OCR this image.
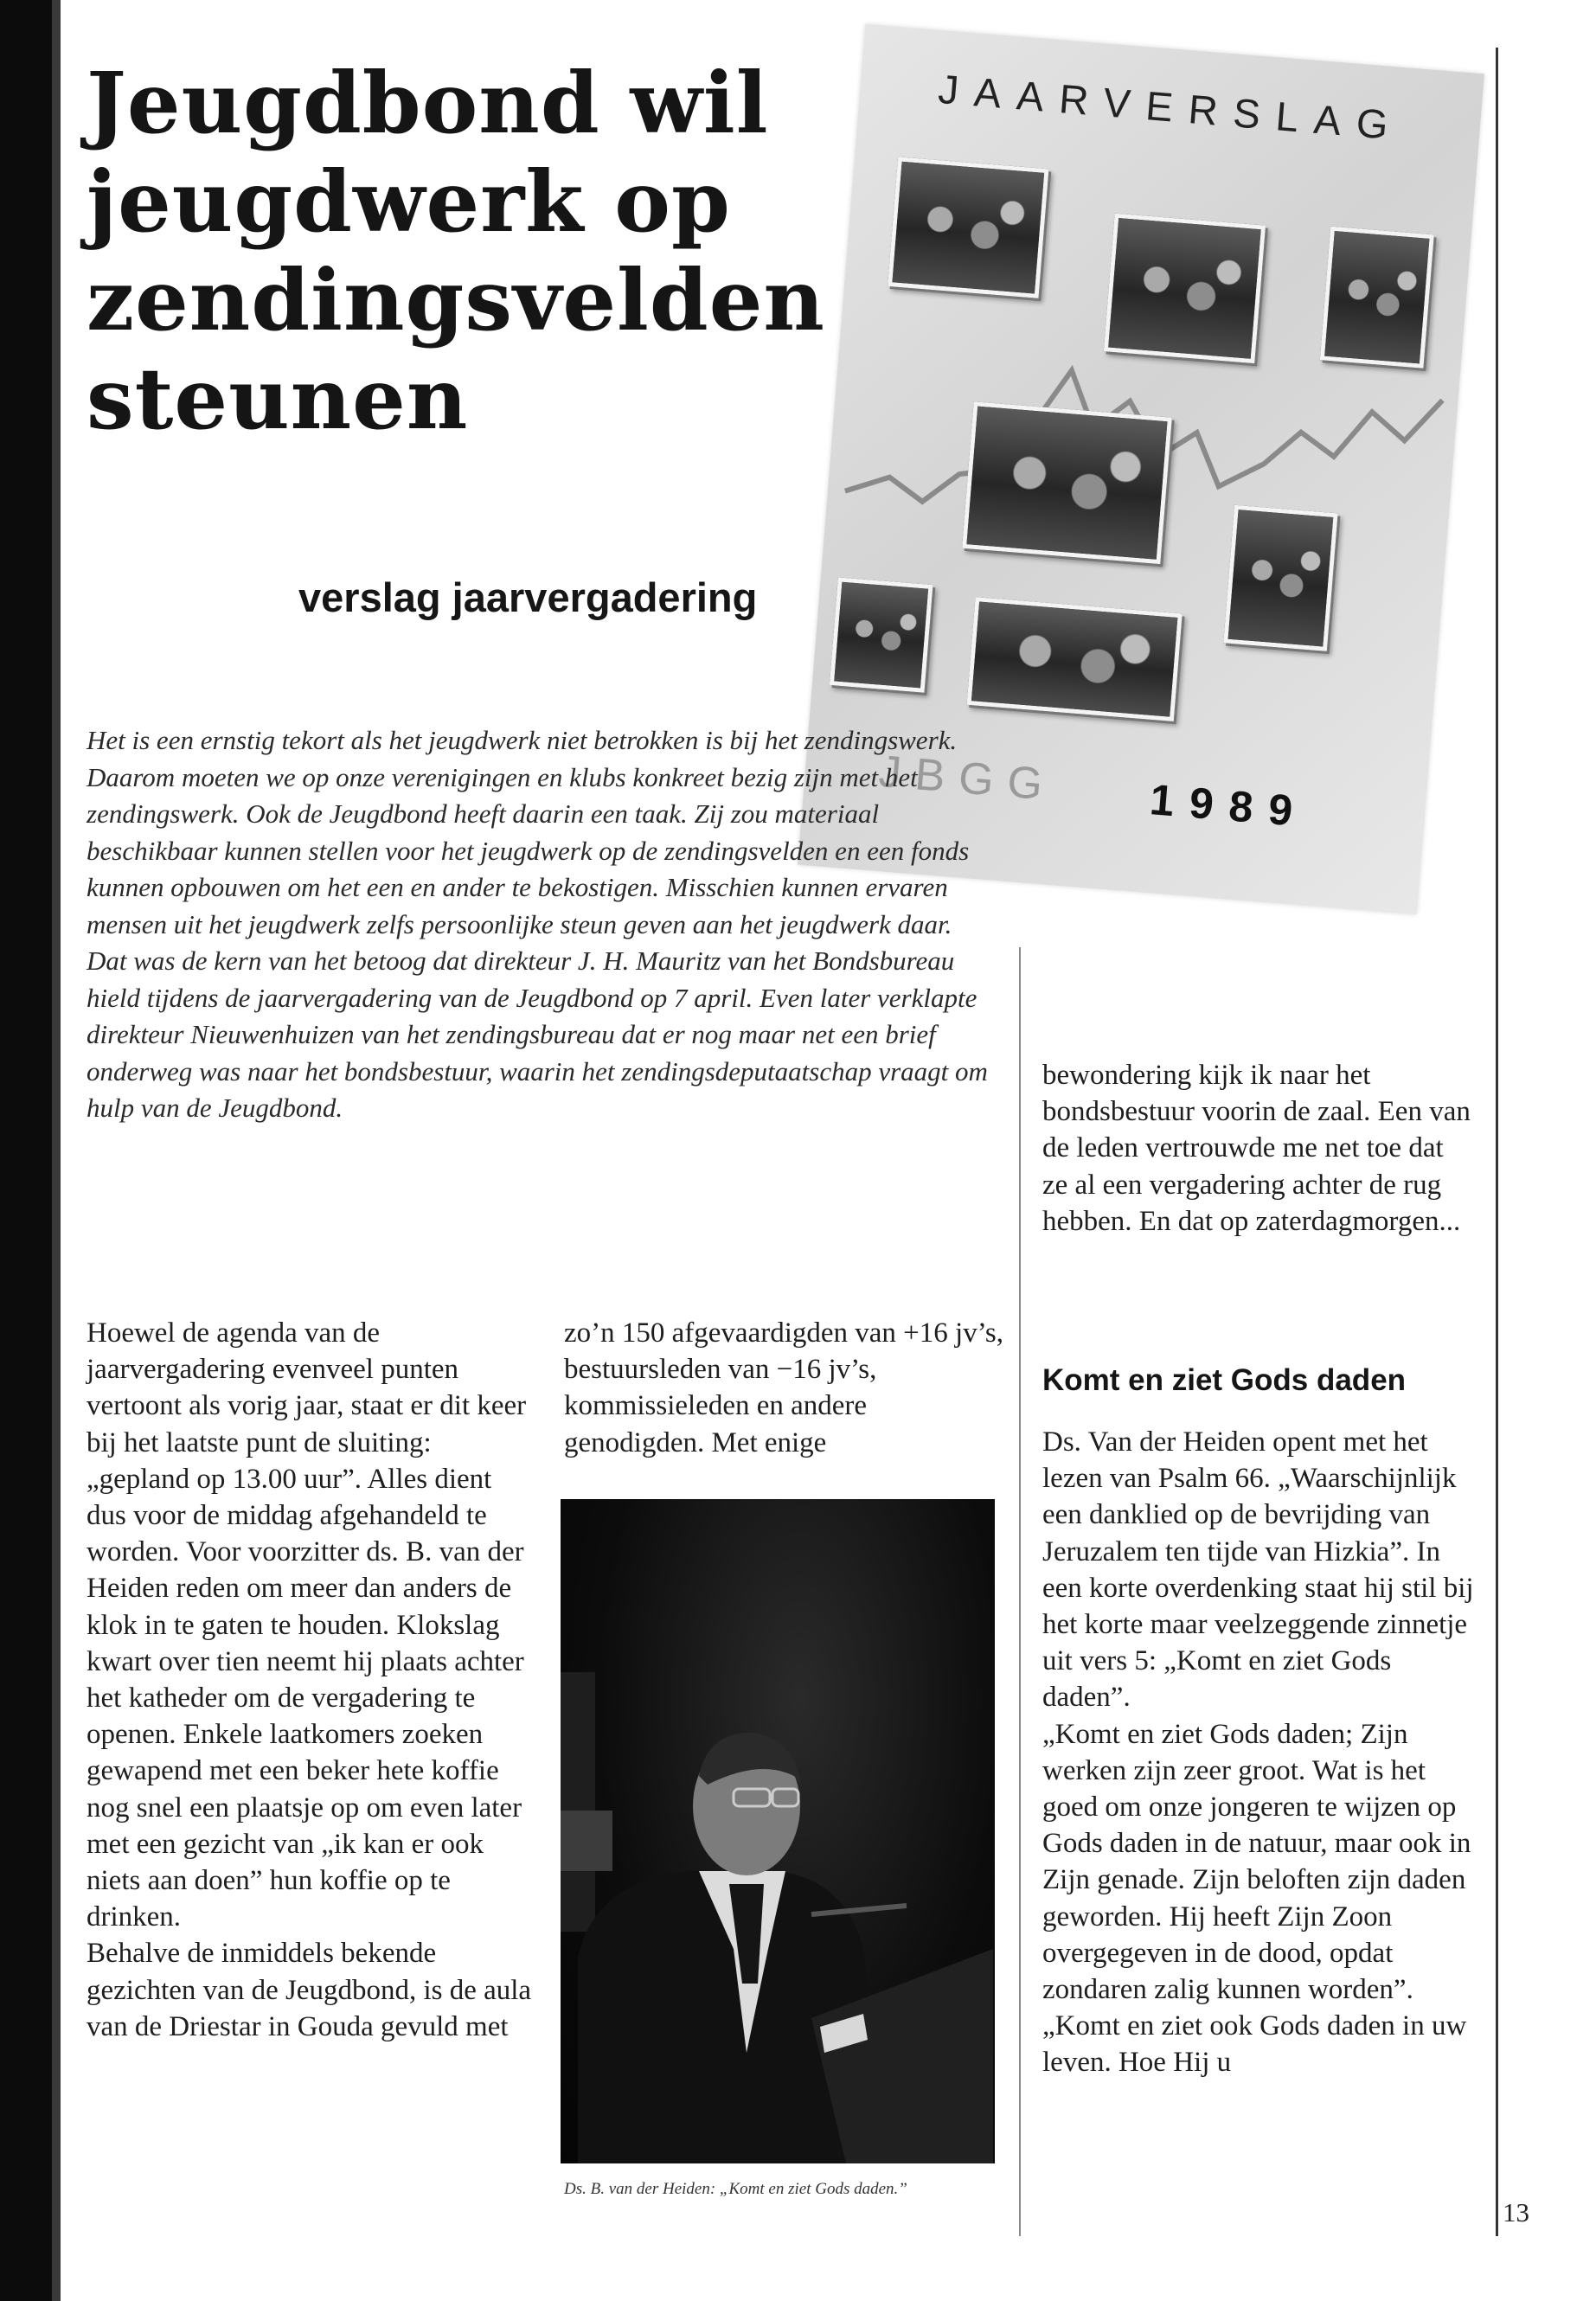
Jeugdbond wil jeugdwerk op zendingsvelden steunen
verslag jaarvergadering
JAARVERSLAG
JBGG 1989

Het is een ernstig tekort als het jeugdwerk niet betrokken is bij het zendingswerk. Daarom moeten we op onze verenigingen en klubs konkreet bezig zijn met het zendingswerk. Ook de Jeugdbond heeft daarin een taak. Zij zou materiaal beschikbaar kunnen stellen voor het jeugdwerk op de zendingsvelden en een fonds kunnen opbouwen om het een en ander te bekostigen. Misschien kunnen ervaren mensen uit het jeugdwerk zelfs persoonlijke steun geven aan het jeugdwerk daar.

Dat was de kern van het betoog dat direkteur J. H. Mauritz van het Bondsbureau hield tijdens de jaarvergadering van de Jeugdbond op 7 april. Even later verklapte direkteur Nieuwenhuizen van het zendingsbureau dat er nog maar net een brief onderweg was naar het bondsbestuur, waarin het zendingsdeputaatschap vraagt om hulp van de Jeugdbond.

Hoewel de agenda van de jaarvergadering evenveel punten vertoont als vorig jaar, staat er dit keer bij het laatste punt de sluiting: „gepland op 13.00 uur”. Alles dient dus voor de middag afgehandeld te worden. Voor voorzitter ds. B. van der Heiden reden om meer dan anders de klok in te gaten te houden. Klokslag kwart over tien neemt hij plaats achter het katheder om de vergadering te openen. Enkele laatkomers zoeken gewapend met een beker hete koffie nog snel een plaatsje op om even later met een gezicht van „ik kan er ook niets aan doen” hun koffie op te drinken.

Behalve de inmiddels bekende gezichten van de Jeugdbond, is de aula van de Driestar in Gouda gevuld met

zo’n 150 afgevaardigden van +16 jv’s, bestuursleden van −16 jv’s, kommissieleden en andere genodigden. Met enige

Ds. B. van der Heiden: „Komt en ziet Gods daden.”

bewondering kijk ik naar het bondsbestuur voorin de zaal. Een van de leden vertrouwde me net toe dat ze al een vergadering achter de rug hebben. En dat op zaterdagmorgen...

Komt en ziet Gods daden

Ds. Van der Heiden opent met het lezen van Psalm 66. „Waarschijnlijk een danklied op de bevrijding van Jeruzalem ten tijde van Hizkia”. In een korte overdenking staat hij stil bij het korte maar veelzeggende zinnetje uit vers 5: „Komt en ziet Gods daden”.

„Komt en ziet Gods daden; Zijn werken zijn zeer groot. Wat is het goed om onze jongeren te wijzen op Gods daden in de natuur, maar ook in Zijn genade. Zijn beloften zijn daden geworden. Hij heeft Zijn Zoon overgegeven in de dood, opdat zondaren zalig kunnen worden”.

„Komt en ziet ook Gods daden in uw leven. Hoe Hij u

13
